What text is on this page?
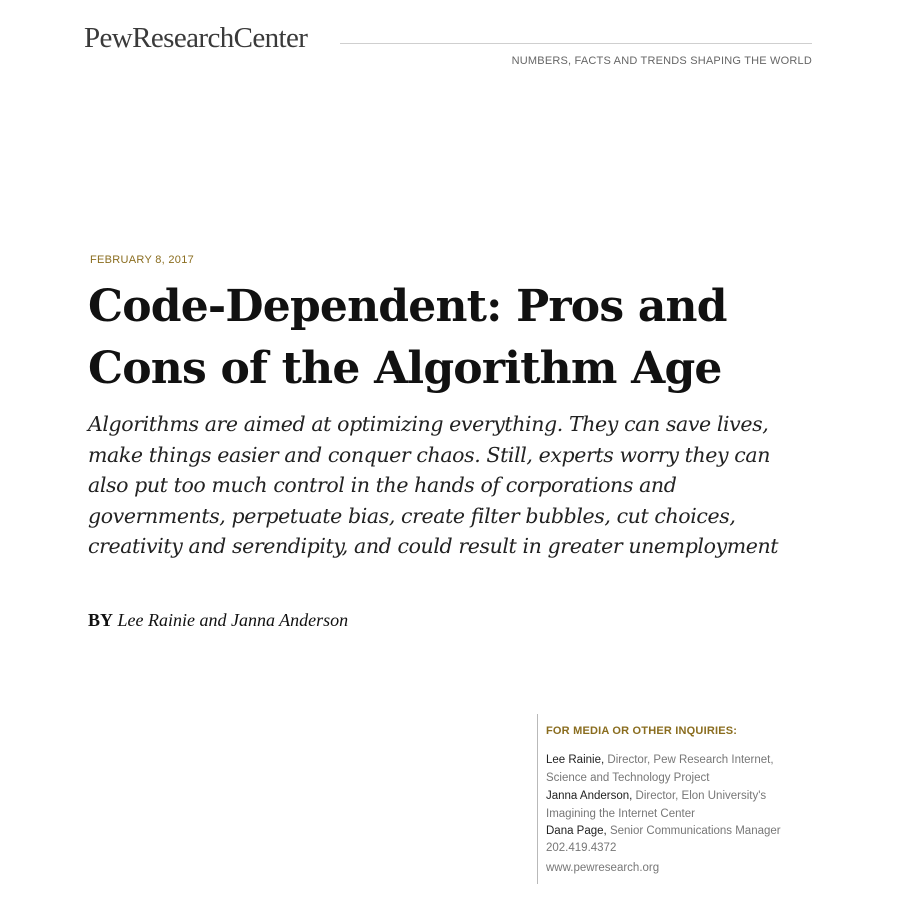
PewResearchCenter
NUMBERS, FACTS AND TRENDS SHAPING THE WORLD
FEBRUARY 8, 2017
Code-Dependent: Pros and Cons of the Algorithm Age

Algorithms are aimed at optimizing everything. They can save lives, make things easier and conquer chaos. Still, experts worry they can also put too much control in the hands of corporations and governments, perpetuate bias, create filter bubbles, cut choices, creativity and serendipity, and could result in greater unemployment

BY Lee Rainie and Janna Anderson
FOR MEDIA OR OTHER INQUIRIES:
Lee Rainie, Director, Pew Research Internet, Science and Technology Project
Janna Anderson, Director, Elon University's Imagining the Internet Center
Dana Page, Senior Communications Manager
202.419.4372
www.pewresearch.org
